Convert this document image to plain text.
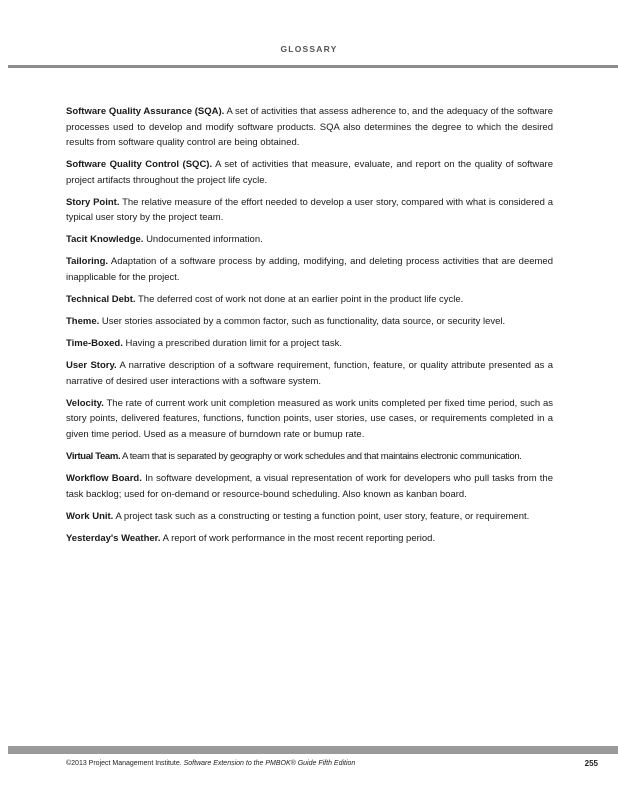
GLOSSARY

Software Quality Assurance (SQA). A set of activities that assess adherence to, and the adequacy of the software processes used to develop and modify software products. SQA also determines the degree to which the desired results from software quality control are being obtained.

Software Quality Control (SQC). A set of activities that measure, evaluate, and report on the quality of software project artifacts throughout the project life cycle.

Story Point. The relative measure of the effort needed to develop a user story, compared with what is considered a typical user story by the project team.

Tacit Knowledge. Undocumented information.

Tailoring. Adaptation of a software process by adding, modifying, and deleting process activities that are deemed inapplicable for the project.

Technical Debt. The deferred cost of work not done at an earlier point in the product life cycle.

Theme. User stories associated by a common factor, such as functionality, data source, or security level.

Time-Boxed. Having a prescribed duration limit for a project task.

User Story. A narrative description of a software requirement, function, feature, or quality attribute presented as a narrative of desired user interactions with a software system.

Velocity. The rate of current work unit completion measured as work units completed per fixed time period, such as story points, delivered features, functions, function points, user stories, use cases, or requirements completed in a given time period. Used as a measure of burndown rate or bumup rate.

Virtual Team. A team that is separated by geography or work schedules and that maintains electronic communication.

Workflow Board. In software development, a visual representation of work for developers who pull tasks from the task backlog; used for on-demand or resource-bound scheduling. Also known as kanban board.

Work Unit. A project task such as a constructing or testing a function point, user story, feature, or requirement.

Yesterday's Weather. A report of work performance in the most recent reporting period.

©2013 Project Management Institute. Software Extension to the PMBOK® Guide Fifth Edition	255
